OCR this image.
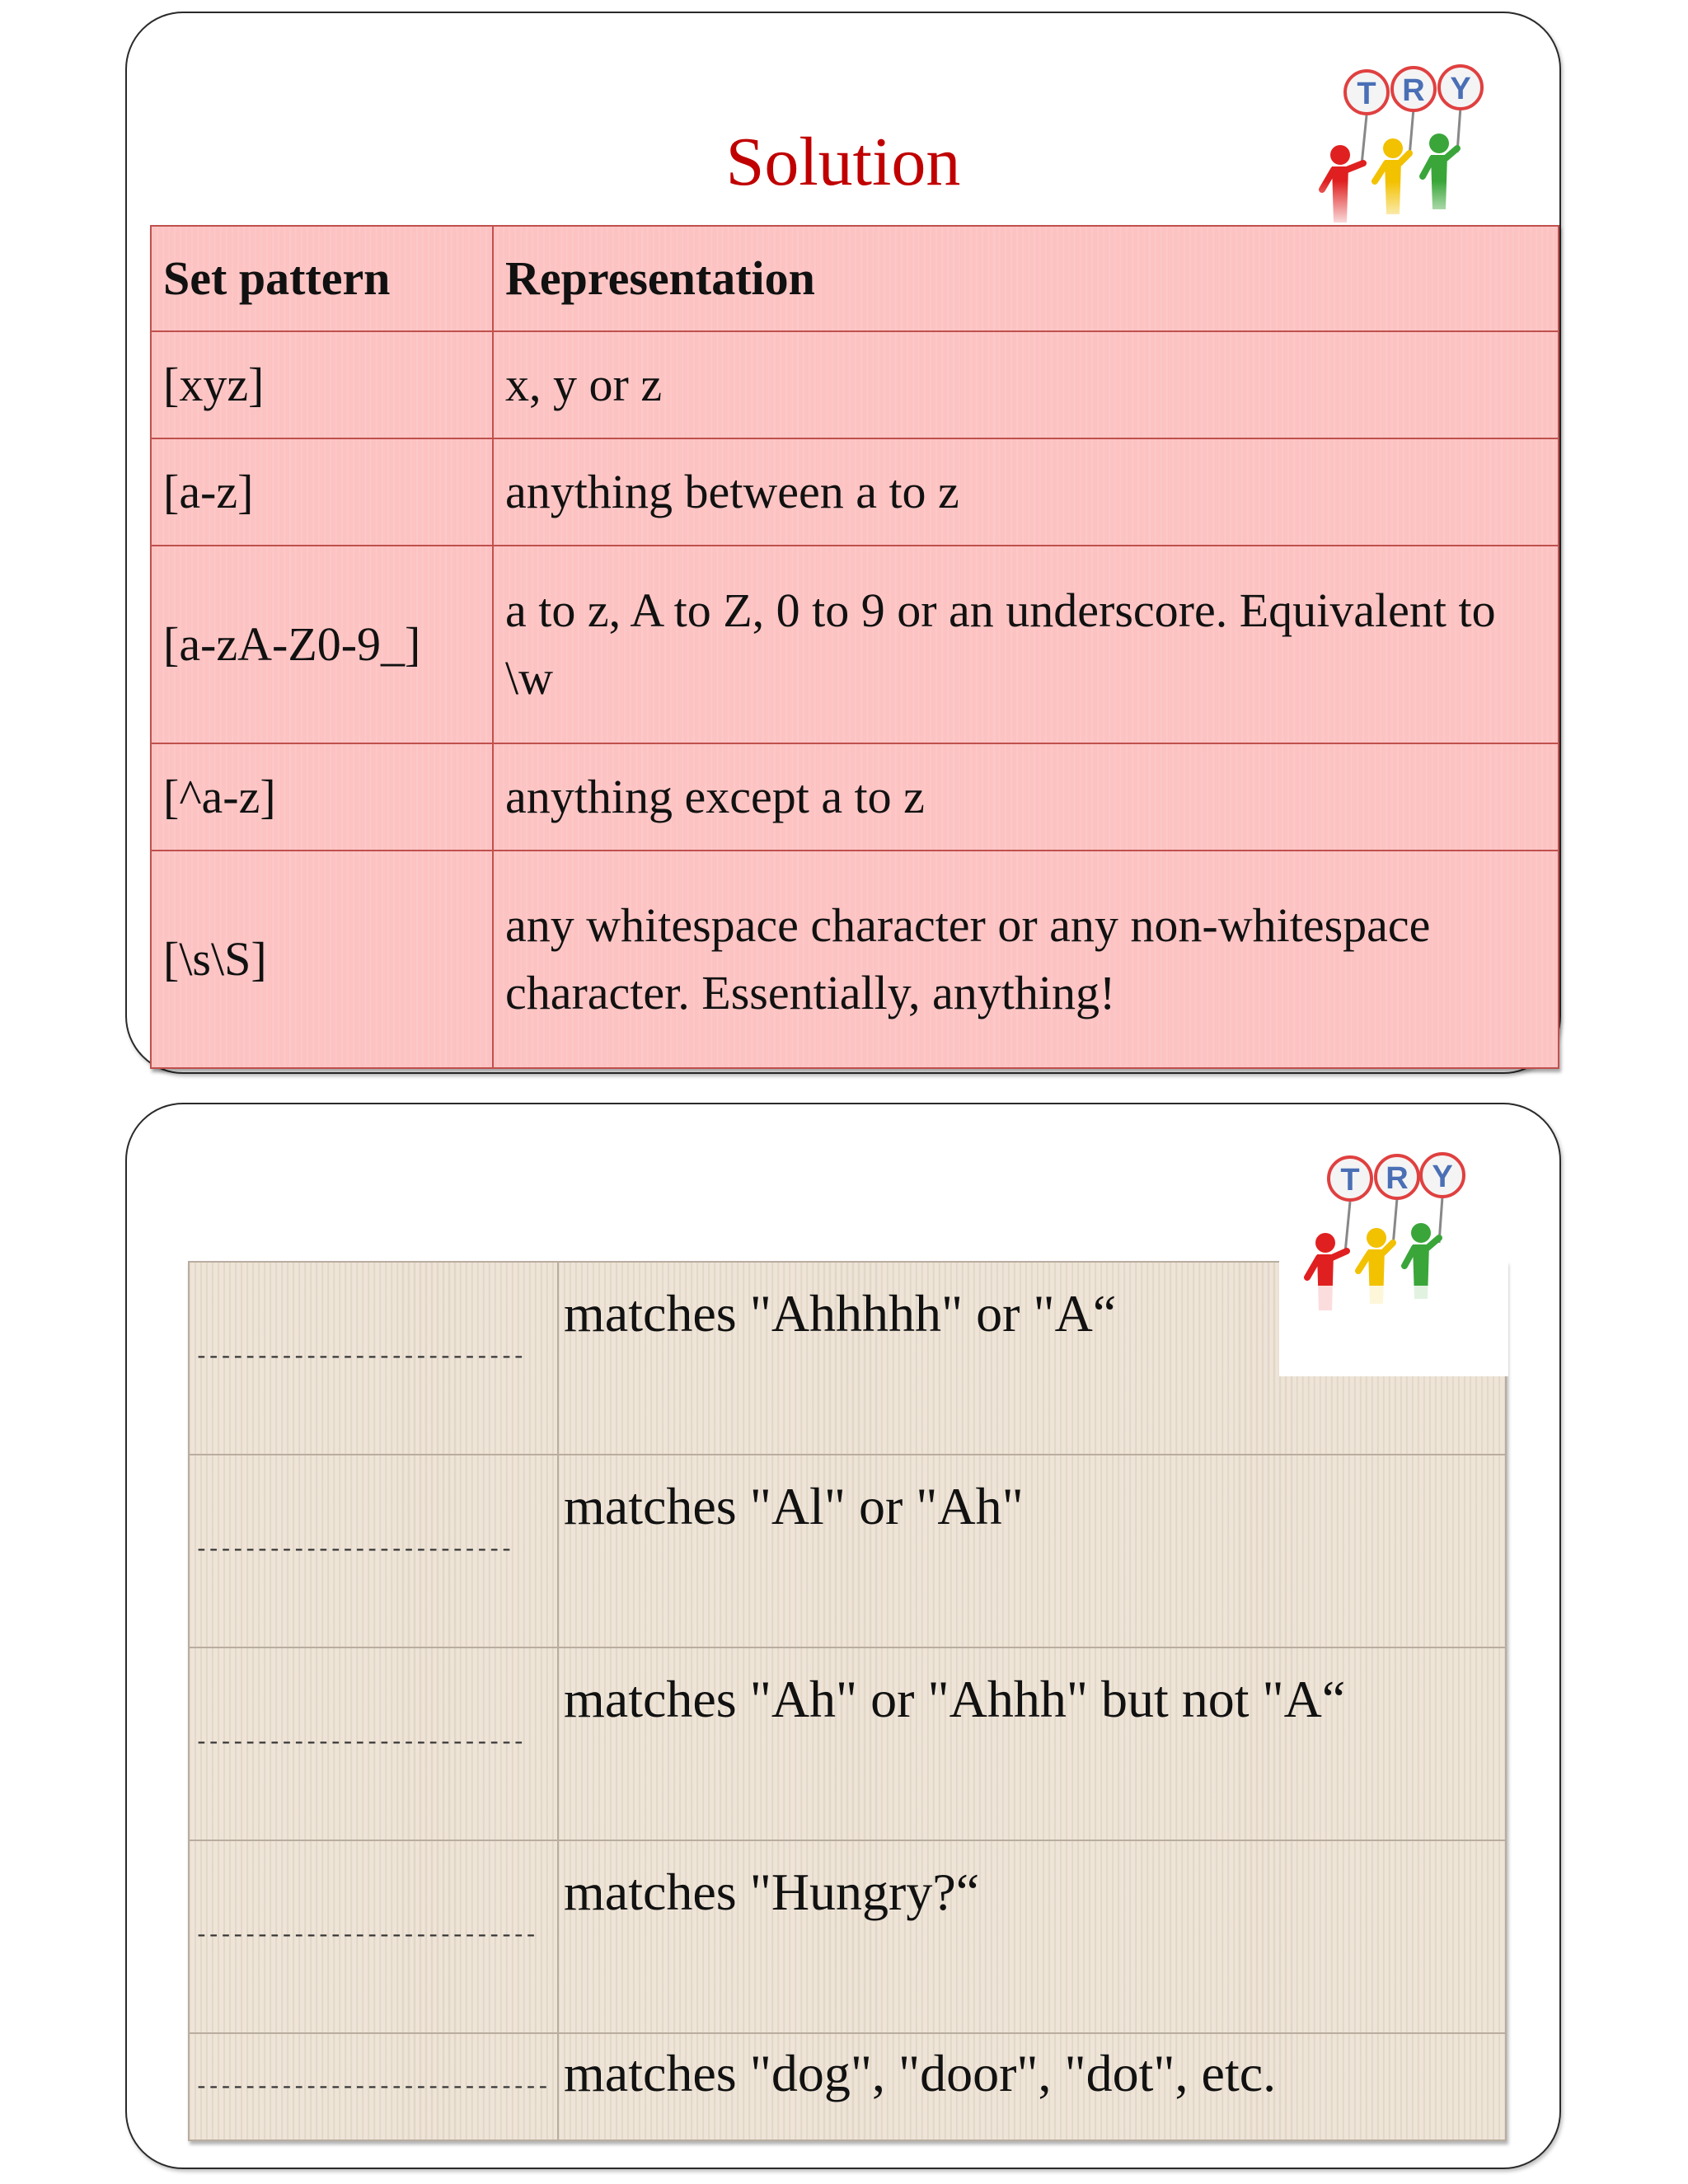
Solution
T R Y
Set pattern	Representation
[xyz]	x, y or z
[a-z]	anything between a to z
[a-zA-Z0-9_]	a to z, A to Z, 0 to 9 or an underscore. Equivalent to \w
[^a-z]	anything except a to z
[\s\S]	any whitespace character or any non-whitespace character. Essentially, anything!
---------------------------	matches "Ahhhhh" or "A“

--------------------------	matches "Al" or "Ah"

---------------------------	matches "Ah" or "Ahhh" but not "A“

----------------------------	matches "Hungry?“

-----------------------------	matches "dog", "door", "dot", etc.
T R Y
